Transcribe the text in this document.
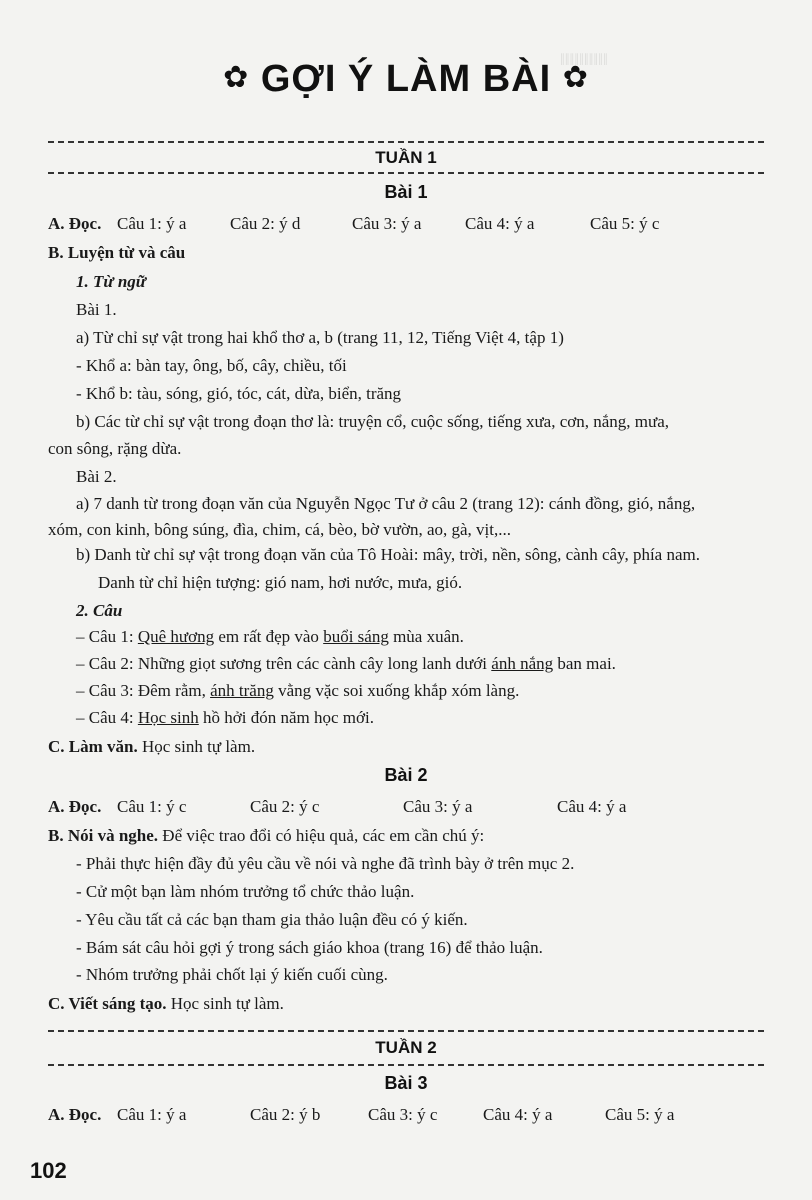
‖‖‖‖‖‖‖‖‖‖
✿ GỢI Ý LÀM BÀI ✿
TUẦN 1
Bài 1
A. Đọc. Câu 1: ý a	Câu 2: ý d	Câu 3: ý a	Câu 4: ý a	Câu 5: ý c
B. Luyện từ và câu
1. Từ ngữ
Bài 1.
a) Từ chỉ sự vật trong hai khổ thơ a, b (trang 11, 12, Tiếng Việt 4, tập 1)
- Khổ a: bàn tay, ông, bố, cây, chiều, tối
- Khổ b: tàu, sóng, gió, tóc, cát, dừa, biển, trăng
b) Các từ chỉ sự vật trong đoạn thơ là: truyện cổ, cuộc sống, tiếng xưa, cơn, nắng, mưa,
con sông, rặng dừa.
Bài 2.
a) 7 danh từ trong đoạn văn của Nguyễn Ngọc Tư ở câu 2 (trang 12): cánh đồng, gió, nắng,
xóm, con kinh, bông súng, đìa, chim, cá, bèo, bờ vườn, ao, gà, vịt,...
b) Danh từ chỉ sự vật trong đoạn văn của Tô Hoài: mây, trời, nền, sông, cành cây, phía nam.
Danh từ chỉ hiện tượng: gió nam, hơi nước, mưa, gió.
2. Câu
– Câu 1: Quê hương em rất đẹp vào buổi sáng mùa xuân.
– Câu 2: Những giọt sương trên các cành cây long lanh dưới ánh nắng ban mai.
– Câu 3: Đêm rằm, ánh trăng vằng vặc soi xuống khắp xóm làng.
– Câu 4: Học sinh hồ hởi đón năm học mới.
C. Làm văn. Học sinh tự làm.
Bài 2
A. Đọc. Câu 1: ý c	Câu 2: ý c	Câu 3: ý a	Câu 4: ý a
B. Nói và nghe. Để việc trao đổi có hiệu quả, các em cần chú ý:
- Phải thực hiện đầy đủ yêu cầu về nói và nghe đã trình bày ở trên mục 2.
- Cử một bạn làm nhóm trưởng tổ chức thảo luận.
- Yêu cầu tất cả các bạn tham gia thảo luận đều có ý kiến.
- Bám sát câu hỏi gợi ý trong sách giáo khoa (trang 16) để thảo luận.
- Nhóm trưởng phải chốt lại ý kiến cuối cùng.
C. Viết sáng tạo. Học sinh tự làm.
TUẦN 2
Bài 3
A. Đọc. Câu 1: ý a	Câu 2: ý b	Câu 3: ý c	Câu 4: ý a	Câu 5: ý a
102
